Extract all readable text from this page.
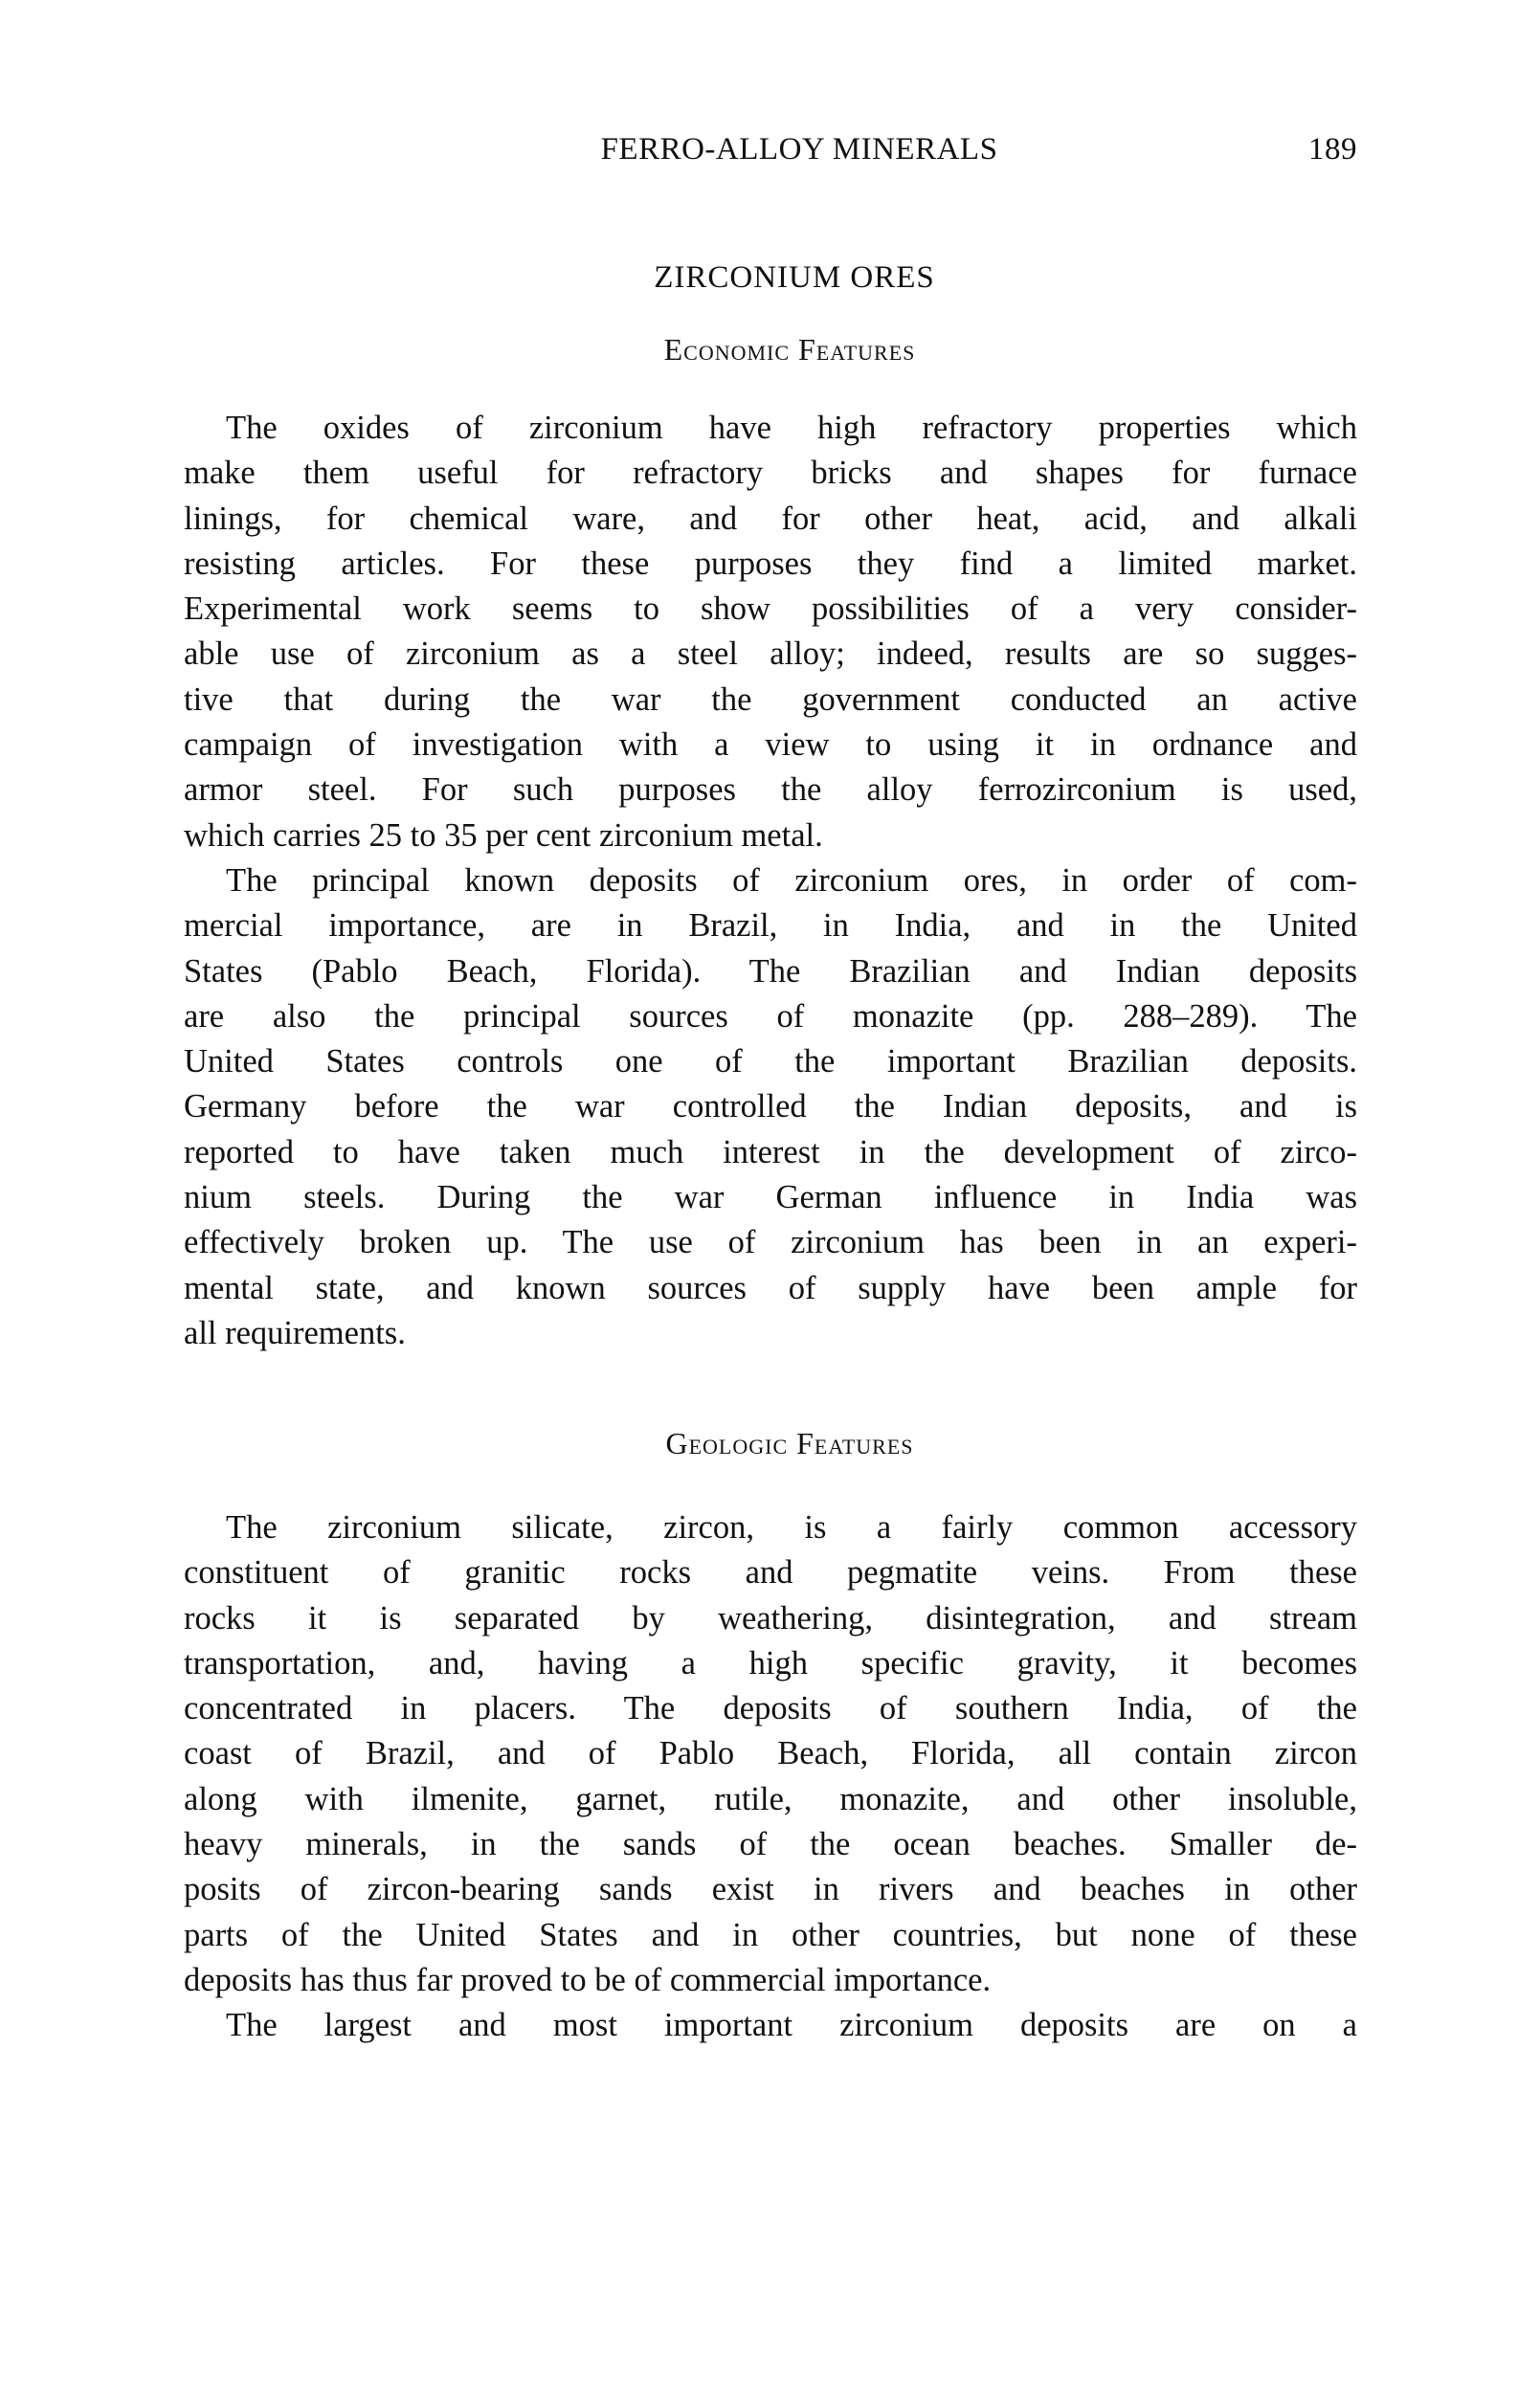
FERRO-ALLOY MINERALS	189
ZIRCONIUM ORES
Economic Features
The oxides of zirconium have high refractory properties which
make them useful for refractory bricks and shapes for furnace
linings, for chemical ware, and for other heat, acid, and alkali
resisting articles. For these purposes they find a limited market.
Experimental work seems to show possibilities of a very consider-
able use of zirconium as a steel alloy; indeed, results are so sugges-
tive that during the war the government conducted an active
campaign of investigation with a view to using it in ordnance and
armor steel. For such purposes the alloy ferrozirconium is used,
which carries 25 to 35 per cent zirconium metal.
The principal known deposits of zirconium ores, in order of com-
mercial importance, are in Brazil, in India, and in the United
States (Pablo Beach, Florida). The Brazilian and Indian deposits
are also the principal sources of monazite (pp. 288–289). The
United States controls one of the important Brazilian deposits.
Germany before the war controlled the Indian deposits, and is
reported to have taken much interest in the development of zirco-
nium steels. During the war German influence in India was
effectively broken up. The use of zirconium has been in an experi-
mental state, and known sources of supply have been ample for
all requirements.
Geologic Features
The zirconium silicate, zircon, is a fairly common accessory
constituent of granitic rocks and pegmatite veins. From these
rocks it is separated by weathering, disintegration, and stream
transportation, and, having a high specific gravity, it becomes
concentrated in placers. The deposits of southern India, of the
coast of Brazil, and of Pablo Beach, Florida, all contain zircon
along with ilmenite, garnet, rutile, monazite, and other insoluble,
heavy minerals, in the sands of the ocean beaches. Smaller de-
posits of zircon-bearing sands exist in rivers and beaches in other
parts of the United States and in other countries, but none of these
deposits has thus far proved to be of commercial importance.
The largest and most important zirconium deposits are on a
